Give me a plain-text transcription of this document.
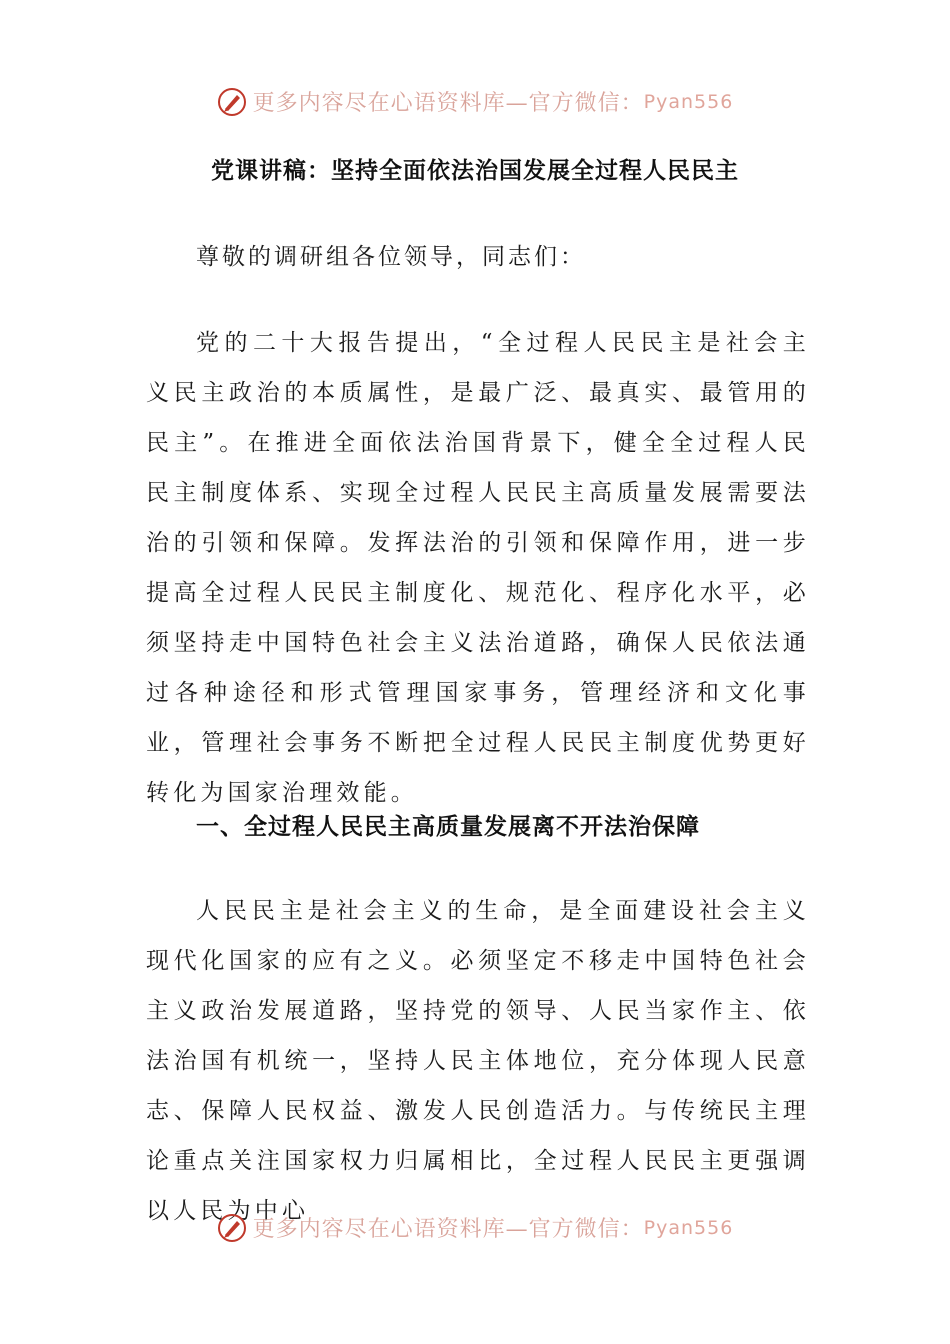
更多内容尽在心语资料库—官方微信： Pyan556
党课讲稿：坚持全面依法治国发展全过程人民民主

尊敬的调研组各位领导，同志们：

党的二十大报告提出，“全过程人民民主是社会主义民主政治的本质属性，是最广泛、最真实、最管用的民主”。在推进全面依法治国背景下，健全全过程人民民主制度体系、实现全过程人民民主高质量发展需要法治的引领和保障。发挥法治的引领和保障作用，进一步提高全过程人民民主制度化、规范化、程序化水平，必须坚持走中国特色社会主义法治道路，确保人民依法通过各种途径和形式管理国家事务，管理经济和文化事业，管理社会事务不断把全过程人民民主制度优势更好转化为国家治理效能。

一、全过程人民民主高质量发展离不开法治保障

人民民主是社会主义的生命，是全面建设社会主义现代化国家的应有之义。必须坚定不移走中国特色社会主义政治发展道路，坚持党的领导、人民当家作主、依法治国有机统一，坚持人民主体地位，充分体现人民意志、保障人民权益、激发人民创造活力。与传统民主理论重点关注国家权力归属相比，全过程人民民主更强调以人民为中心

更多内容尽在心语资料库—官方微信： Pyan556
